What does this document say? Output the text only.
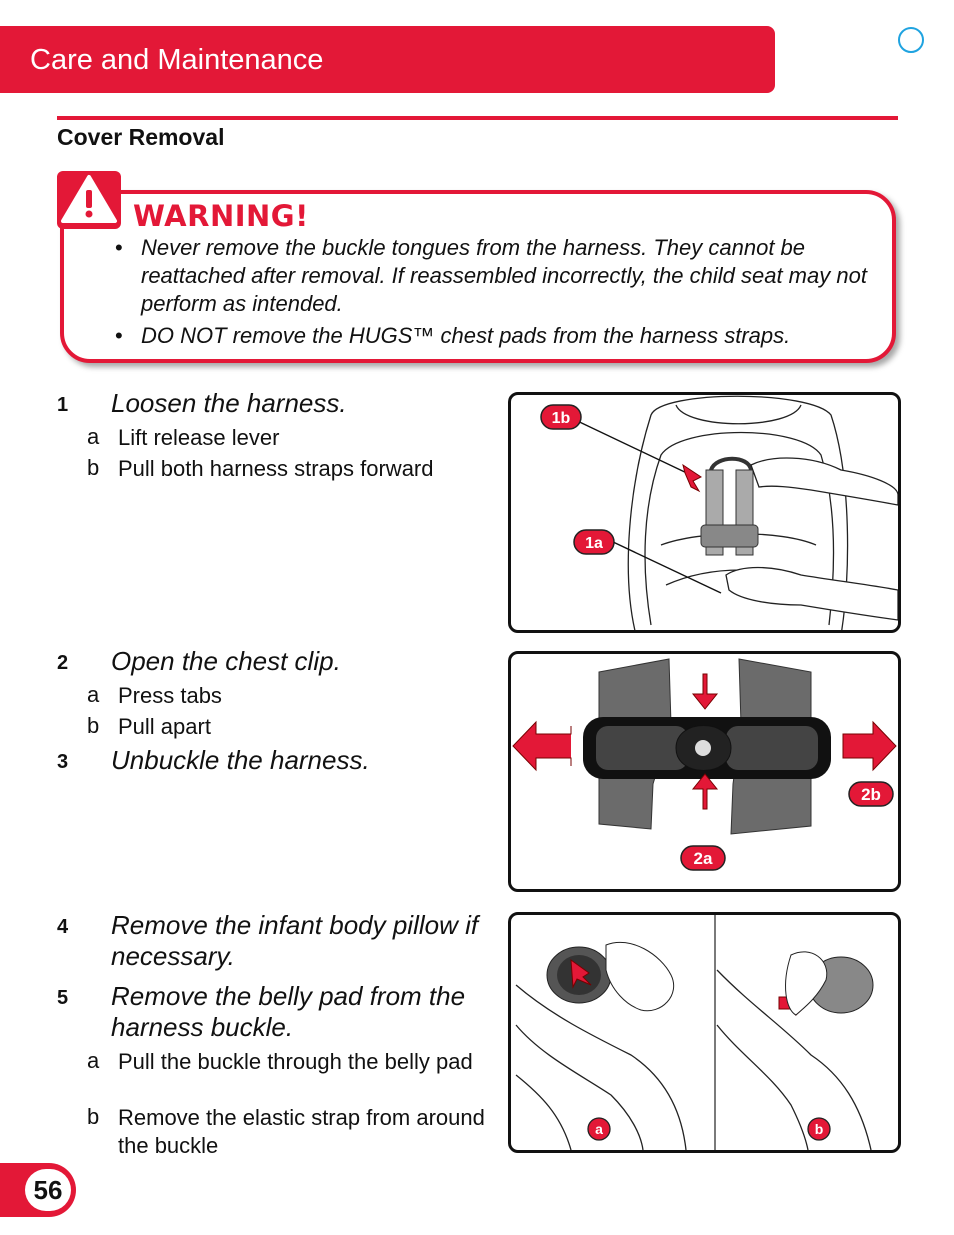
Care and Maintenance
Cover Removal
WARNING!
• Never remove the buckle tongues from the harness. They cannot be reattached after removal. If reassembled incorrectly, the child seat may not perform as intended.
• DO NOT remove the HUGS™ chest pads from the harness straps.
1 Loosen the harness.
a Lift release lever
b Pull both harness straps forward
2 Open the chest clip.
a Press tabs
b Pull apart
3 Unbuckle the harness.
4 Remove the infant body pillow if necessary.
5 Remove the belly pad from the harness buckle.
a Pull the buckle through the belly pad
b Remove the elastic strap from around the buckle
1b
1a
2b
2a
a	b
56
